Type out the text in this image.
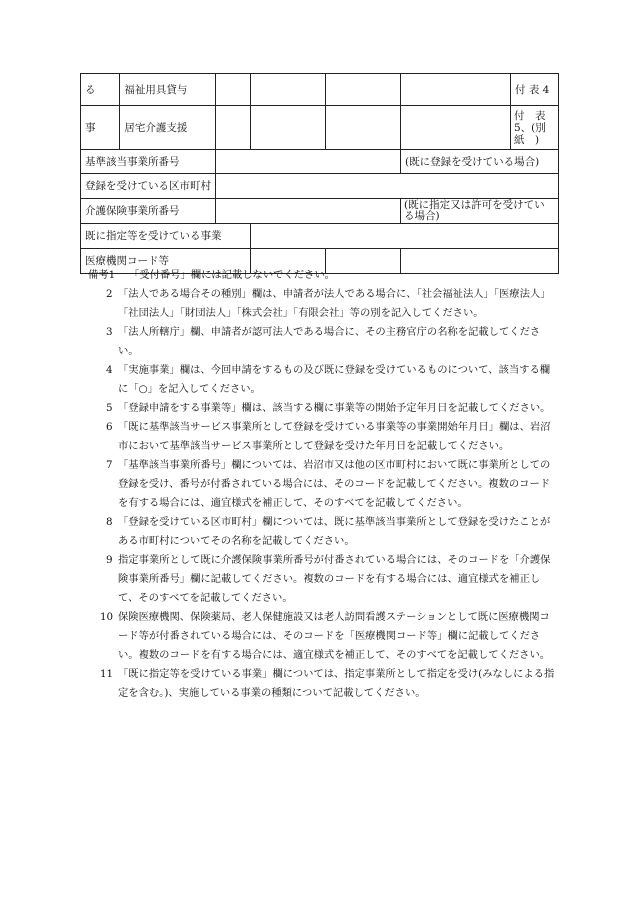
る	福祉用具貸与					付 表 4

事	居宅介護支援					付　表5、(別　紙　)

基準該当事業所番号					(既に登録を受けている場合)	

登録を受けている区市町村						

介護保険事業所番号					(既に指定又は許可を受けている場合)	

既に指定等を受けている事業						

医療機関コード等						

備考1 「受付番号」欄には記載しないでください。
2 「法人である場合その種別」欄は、申請者が法人である場合に、「社会福祉法人」「医療法人」「社団法人」「財団法人」「株式会社」「有限会社」等の別を記入してください。
3 「法人所轄庁」欄、申請者が認可法人である場合に、その主務官庁の名称を記載してください。
4 「実施事業」欄は、今回申請をするもの及び既に登録を受けているものについて、該当する欄に「○」を記入してください。
5 「登録申請をする事業等」欄は、該当する欄に事業等の開始予定年月日を記載してください。
6 「既に基準該当サービス事業所として登録を受けている事業等の事業開始年月日」欄は、岩沼市において基準該当サービス事業所として登録を受けた年月日を記載してください。
7 「基準該当事業所番号」欄については、岩沼市又は他の区市町村において既に事業所としての登録を受け、番号が付番されている場合には、そのコードを記載してください。複数のコードを有する場合には、適宜様式を補正して、そのすべてを記載してください。
8 「登録を受けている区市町村」欄については、既に基準該当事業所として登録を受けたことがある市町村についてその名称を記載してください。
9 指定事業所として既に介護保険事業所番号が付番されている場合には、そのコードを「介護保険事業所番号」欄に記載してください。複数のコードを有する場合には、適宜様式を補正して、そのすべてを記載してください。
10 保険医療機関、保険薬局、老人保健施設又は老人訪問看護ステーションとして既に医療機関コード等が付番されている場合には、そのコードを「医療機関コード等」欄に記載してください。複数のコードを有する場合には、適宜様式を補正して、そのすべてを記載してください。
11 「既に指定等を受けている事業」欄については、指定事業所として指定を受け(みなしによる指定を含む。)、実施している事業の種類について記載してください。
